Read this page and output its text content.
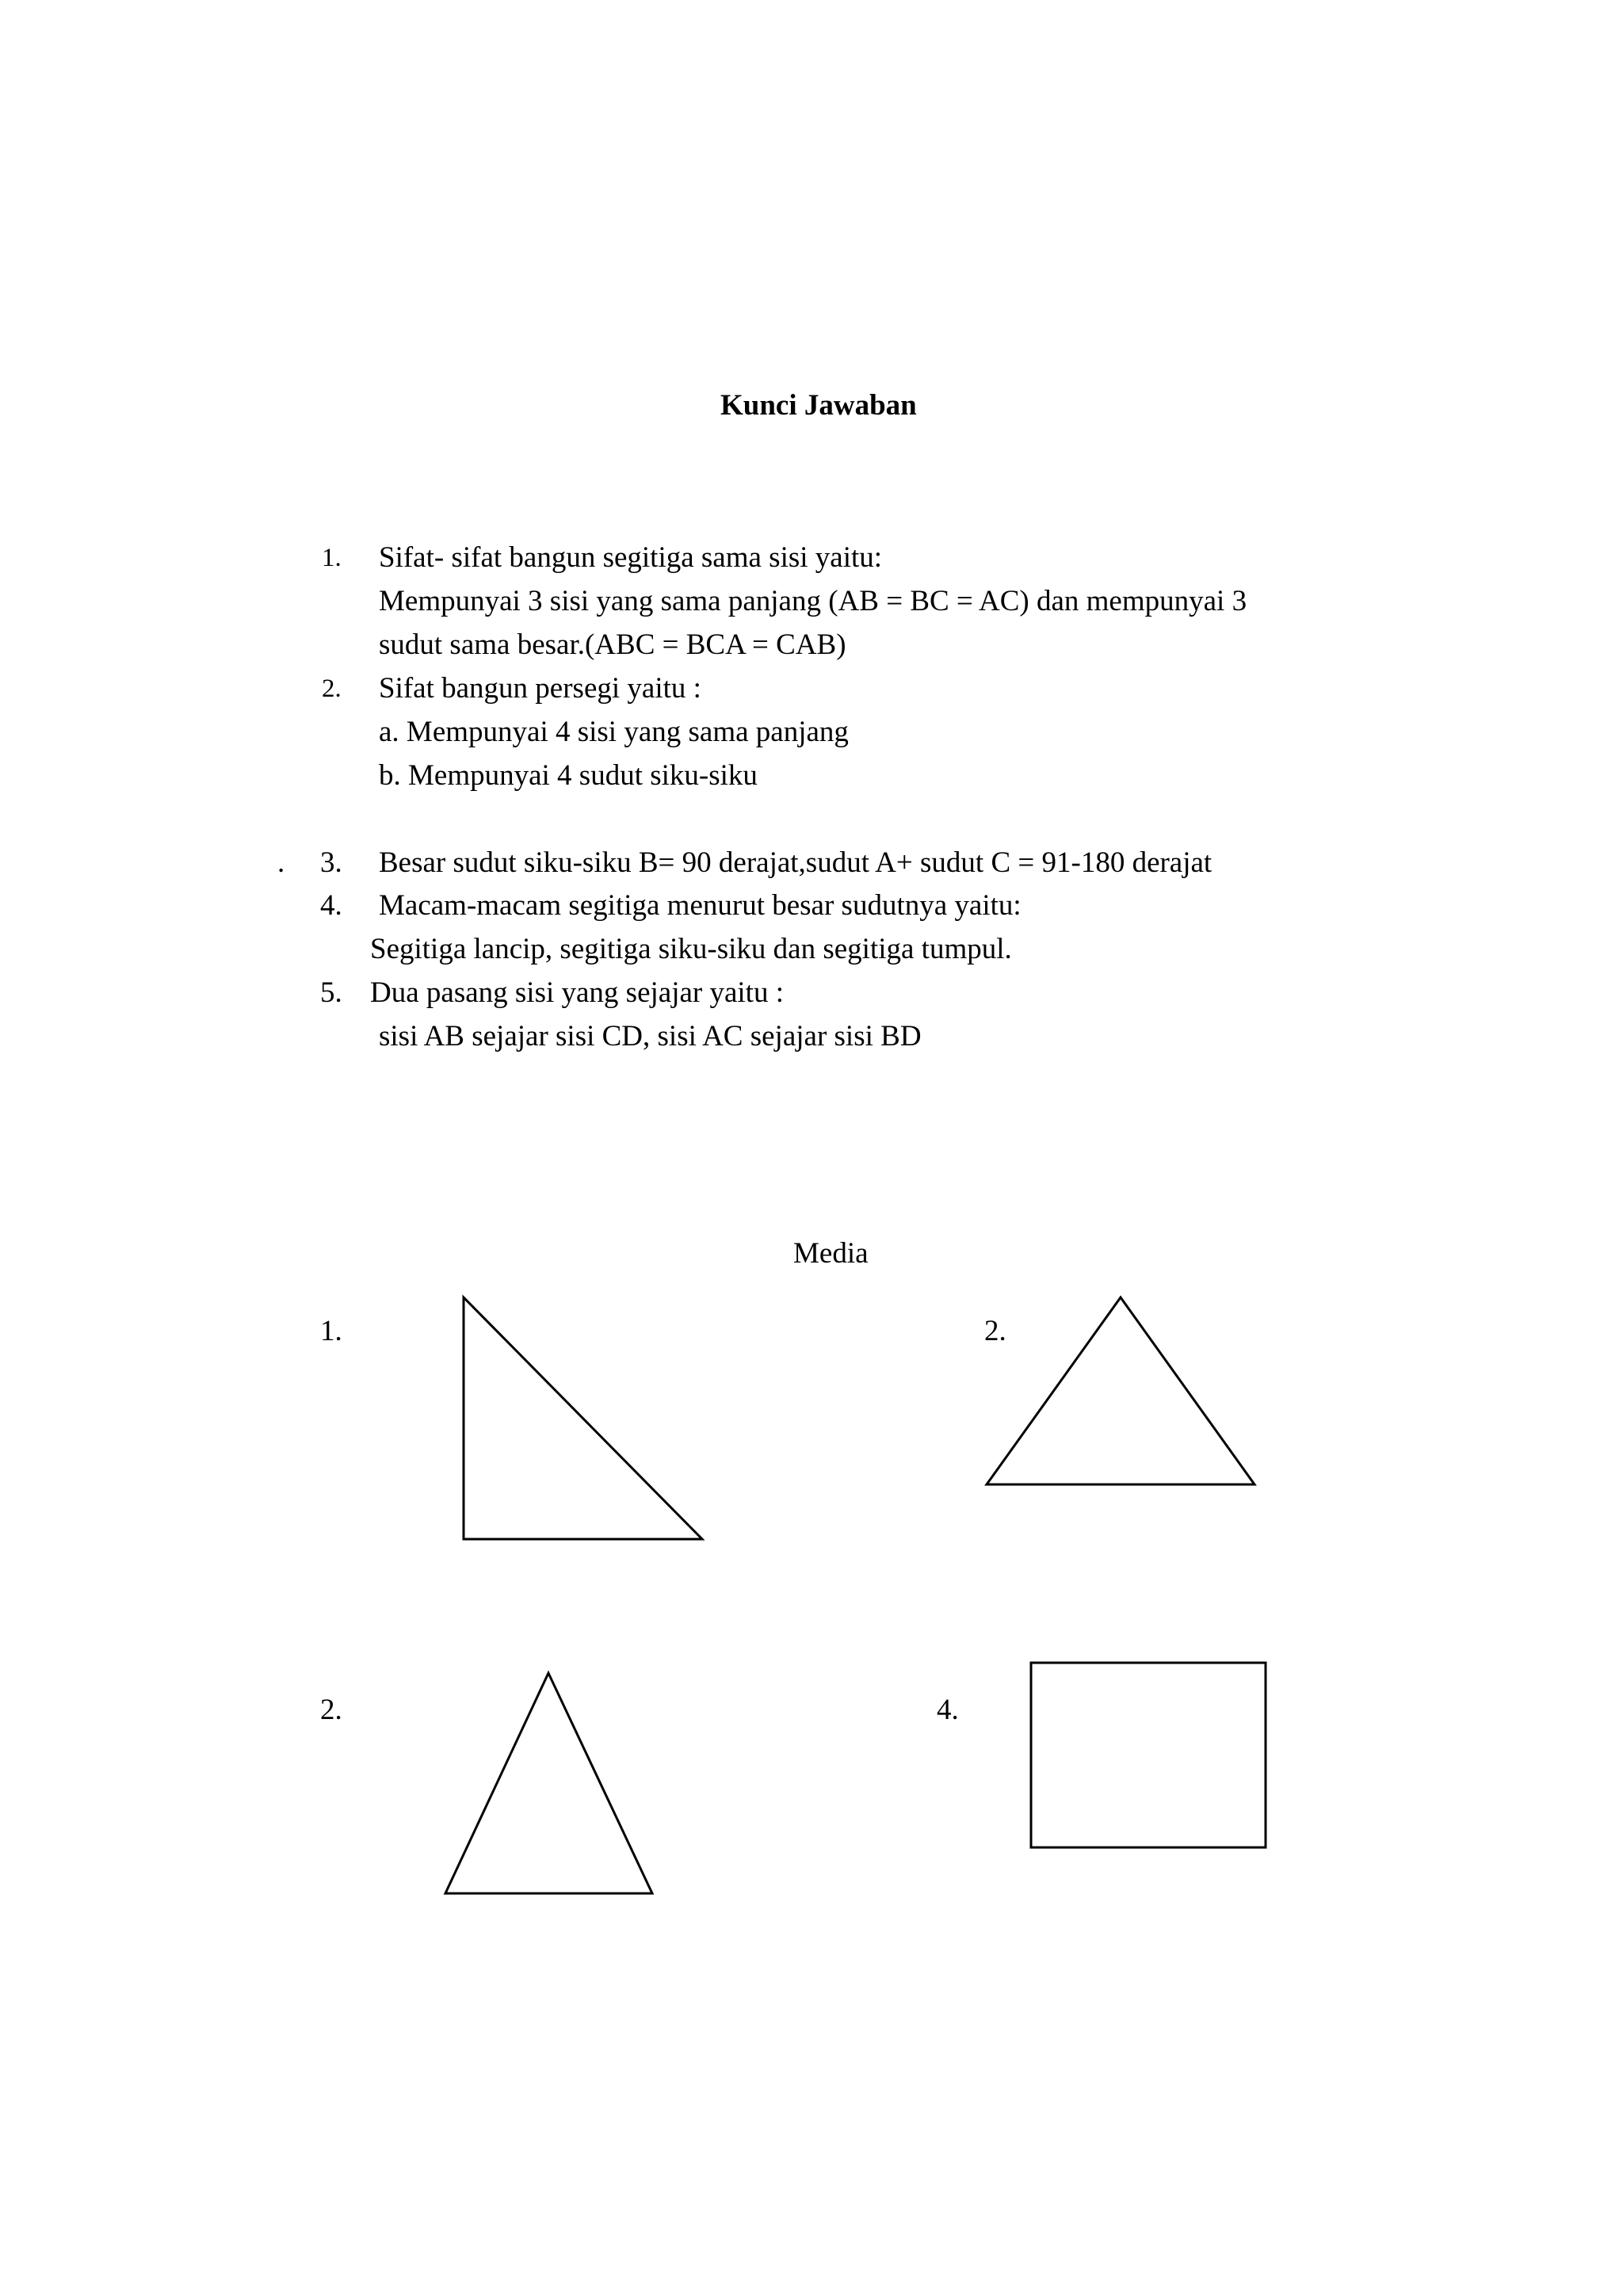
Kunci Jawaban
1. Sifat- sifat bangun segitiga sama sisi yaitu:
Mempunyai 3 sisi yang sama panjang (AB = BC = AC) dan mempunyai 3
sudut sama besar.(ABC = BCA = CAB)
2. Sifat bangun persegi yaitu :
a. Mempunyai 4 sisi yang sama panjang
b. Mempunyai 4 sudut siku-siku
. 3. Besar sudut siku-siku B= 90 derajat,sudut A+ sudut C = 91-180 derajat
4. Macam-macam segitiga menurut besar sudutnya yaitu:
Segitiga lancip, segitiga siku-siku dan segitiga tumpul.
5. Dua pasang sisi yang sejajar yaitu :
sisi AB sejajar sisi CD, sisi AC sejajar sisi BD
Media
1.	2.
2.	4.
